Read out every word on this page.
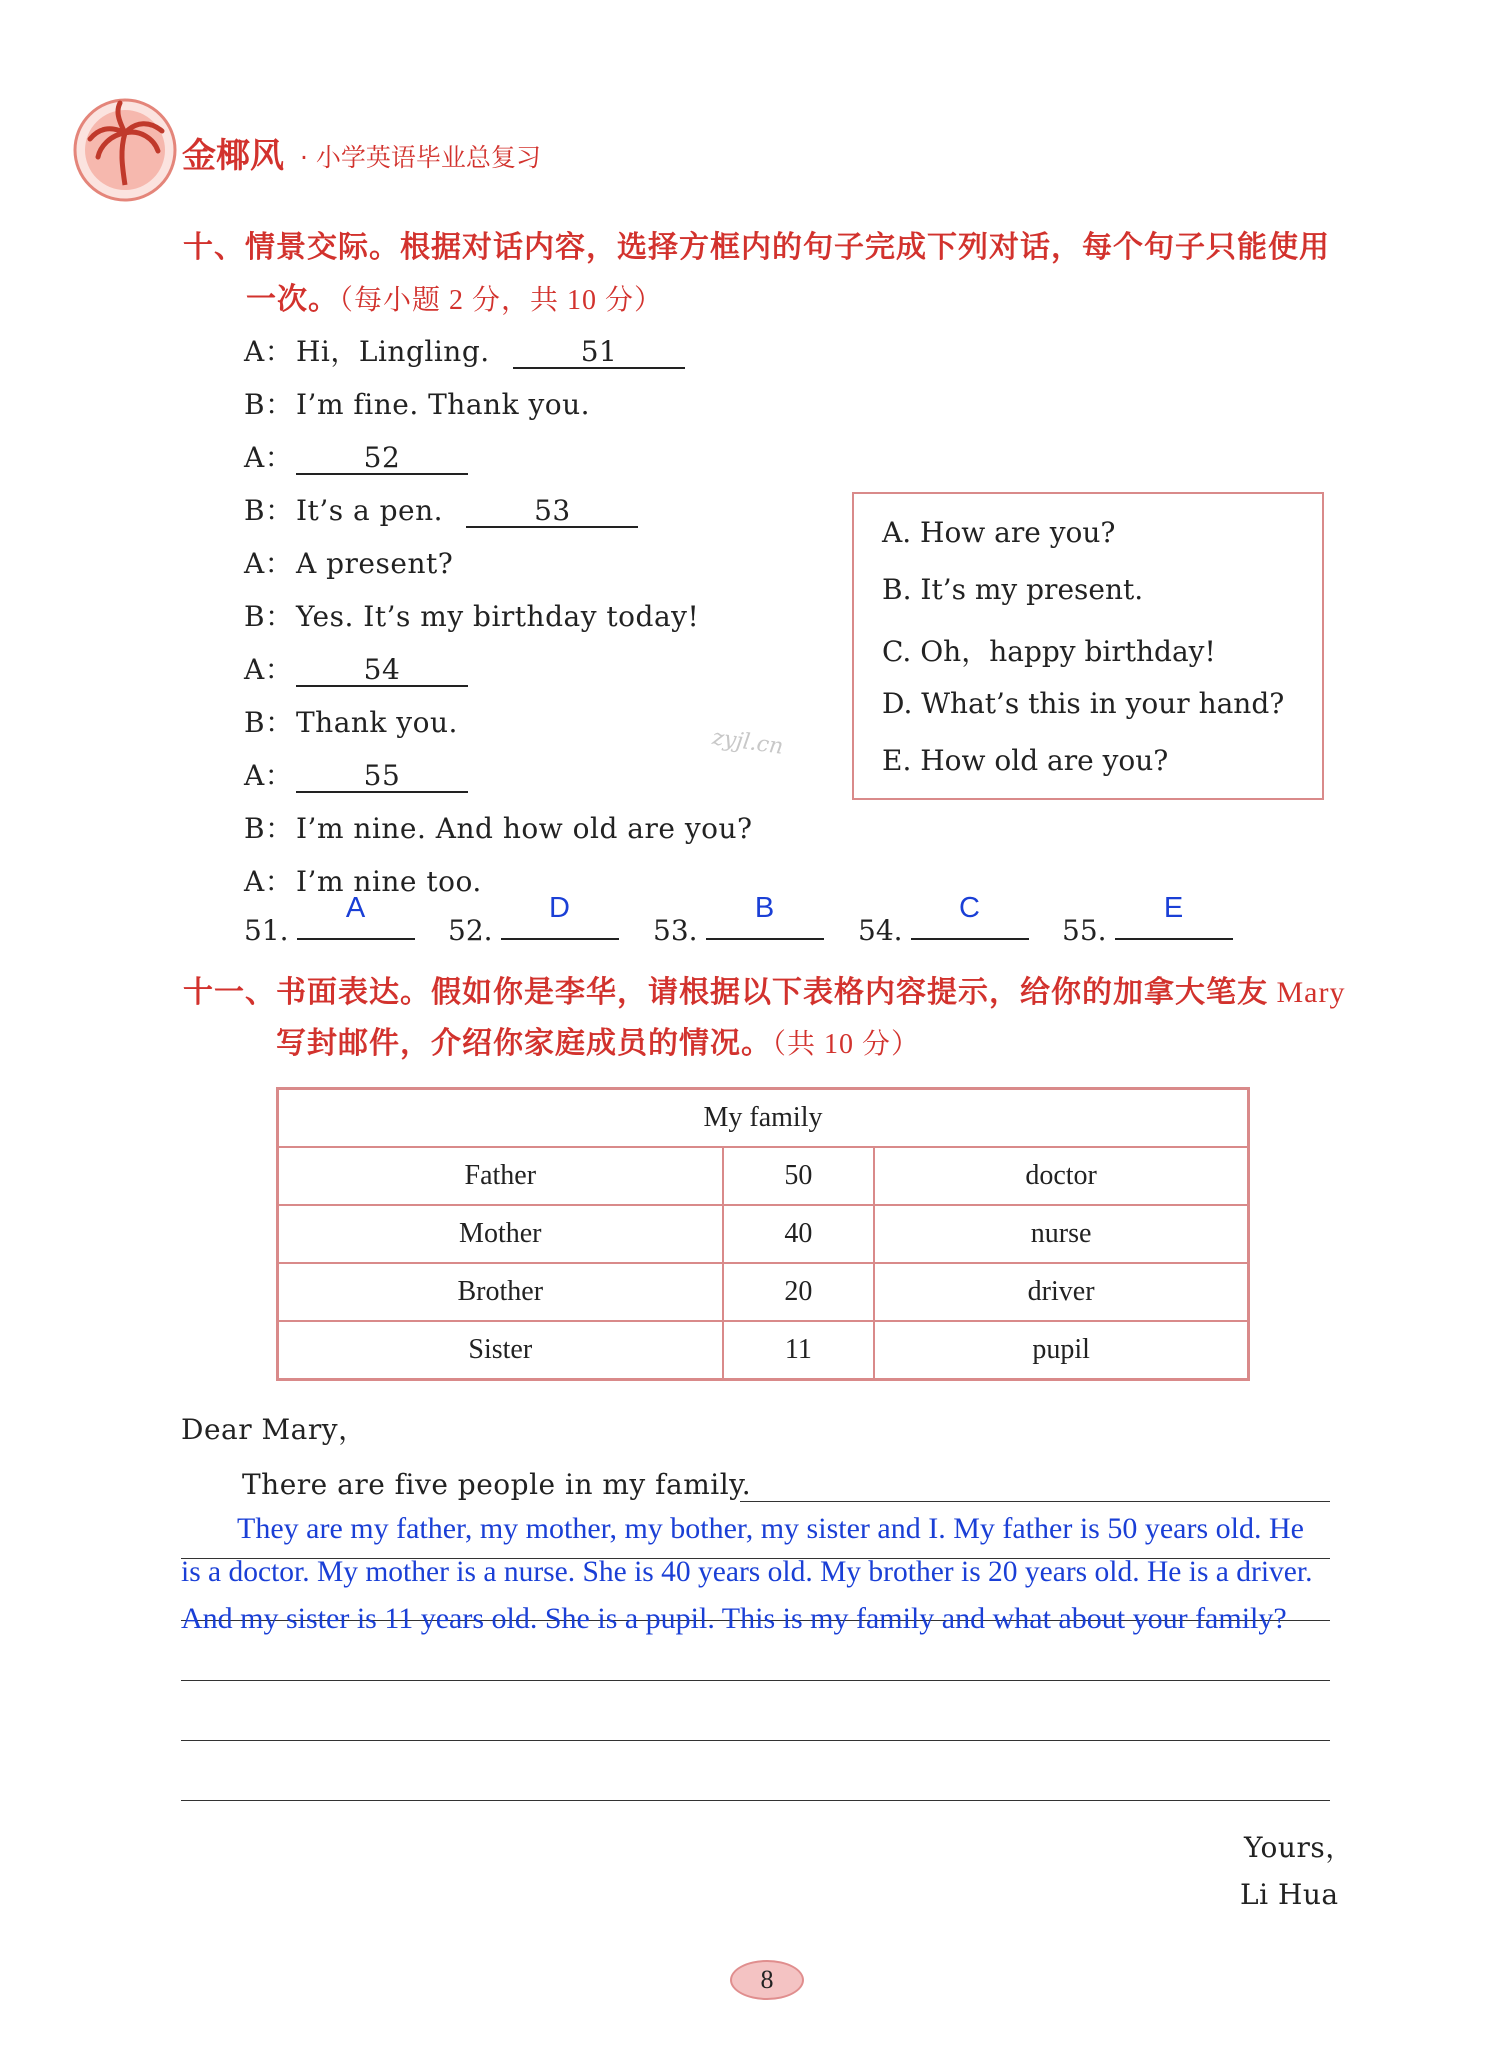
金椰风 · 小学英语毕业总复习
十、情景交际。根据对话内容，选择方框内的句子完成下列对话，每个句子只能使用
一次。（每小题 2 分，共 10 分）
A：Hi，Lingling.	51
B：I’m fine. Thank you.
A：	52
B：It’s a pen.	53
A：A present?
B：Yes. It’s my birthday today!
A：	54
B：Thank you.
A：	55
B：I’m nine. And how old are you?
A：I’m nine too.
zyjl.cn
A. How are you?
B. It’s my present.
C. Oh，happy birthday!
D. What’s this in your hand?
E. How old are you?
51.
A
52.
D
53.
B
54.
C
55.
E
十一、书面表达。假如你是李华，请根据以下表格内容提示，给你的加拿大笔友 Mary
写封邮件，介绍你家庭成员的情况。（共 10 分）
My family		
Father	50	doctor
Mother	40	nurse
Brother	20	driver
Sister	11	pupil
Dear Mary，
There are five people in my family.
They are my father, my mother, my bother, my sister and I. My father is 50 years old. He
is a doctor. My mother is a nurse. She is 40 years old. My brother is 20 years old. He is a driver.
And my sister is 11 years old. She is a pupil. This is my family and what about your family?
Yours，
Li Hua
8
